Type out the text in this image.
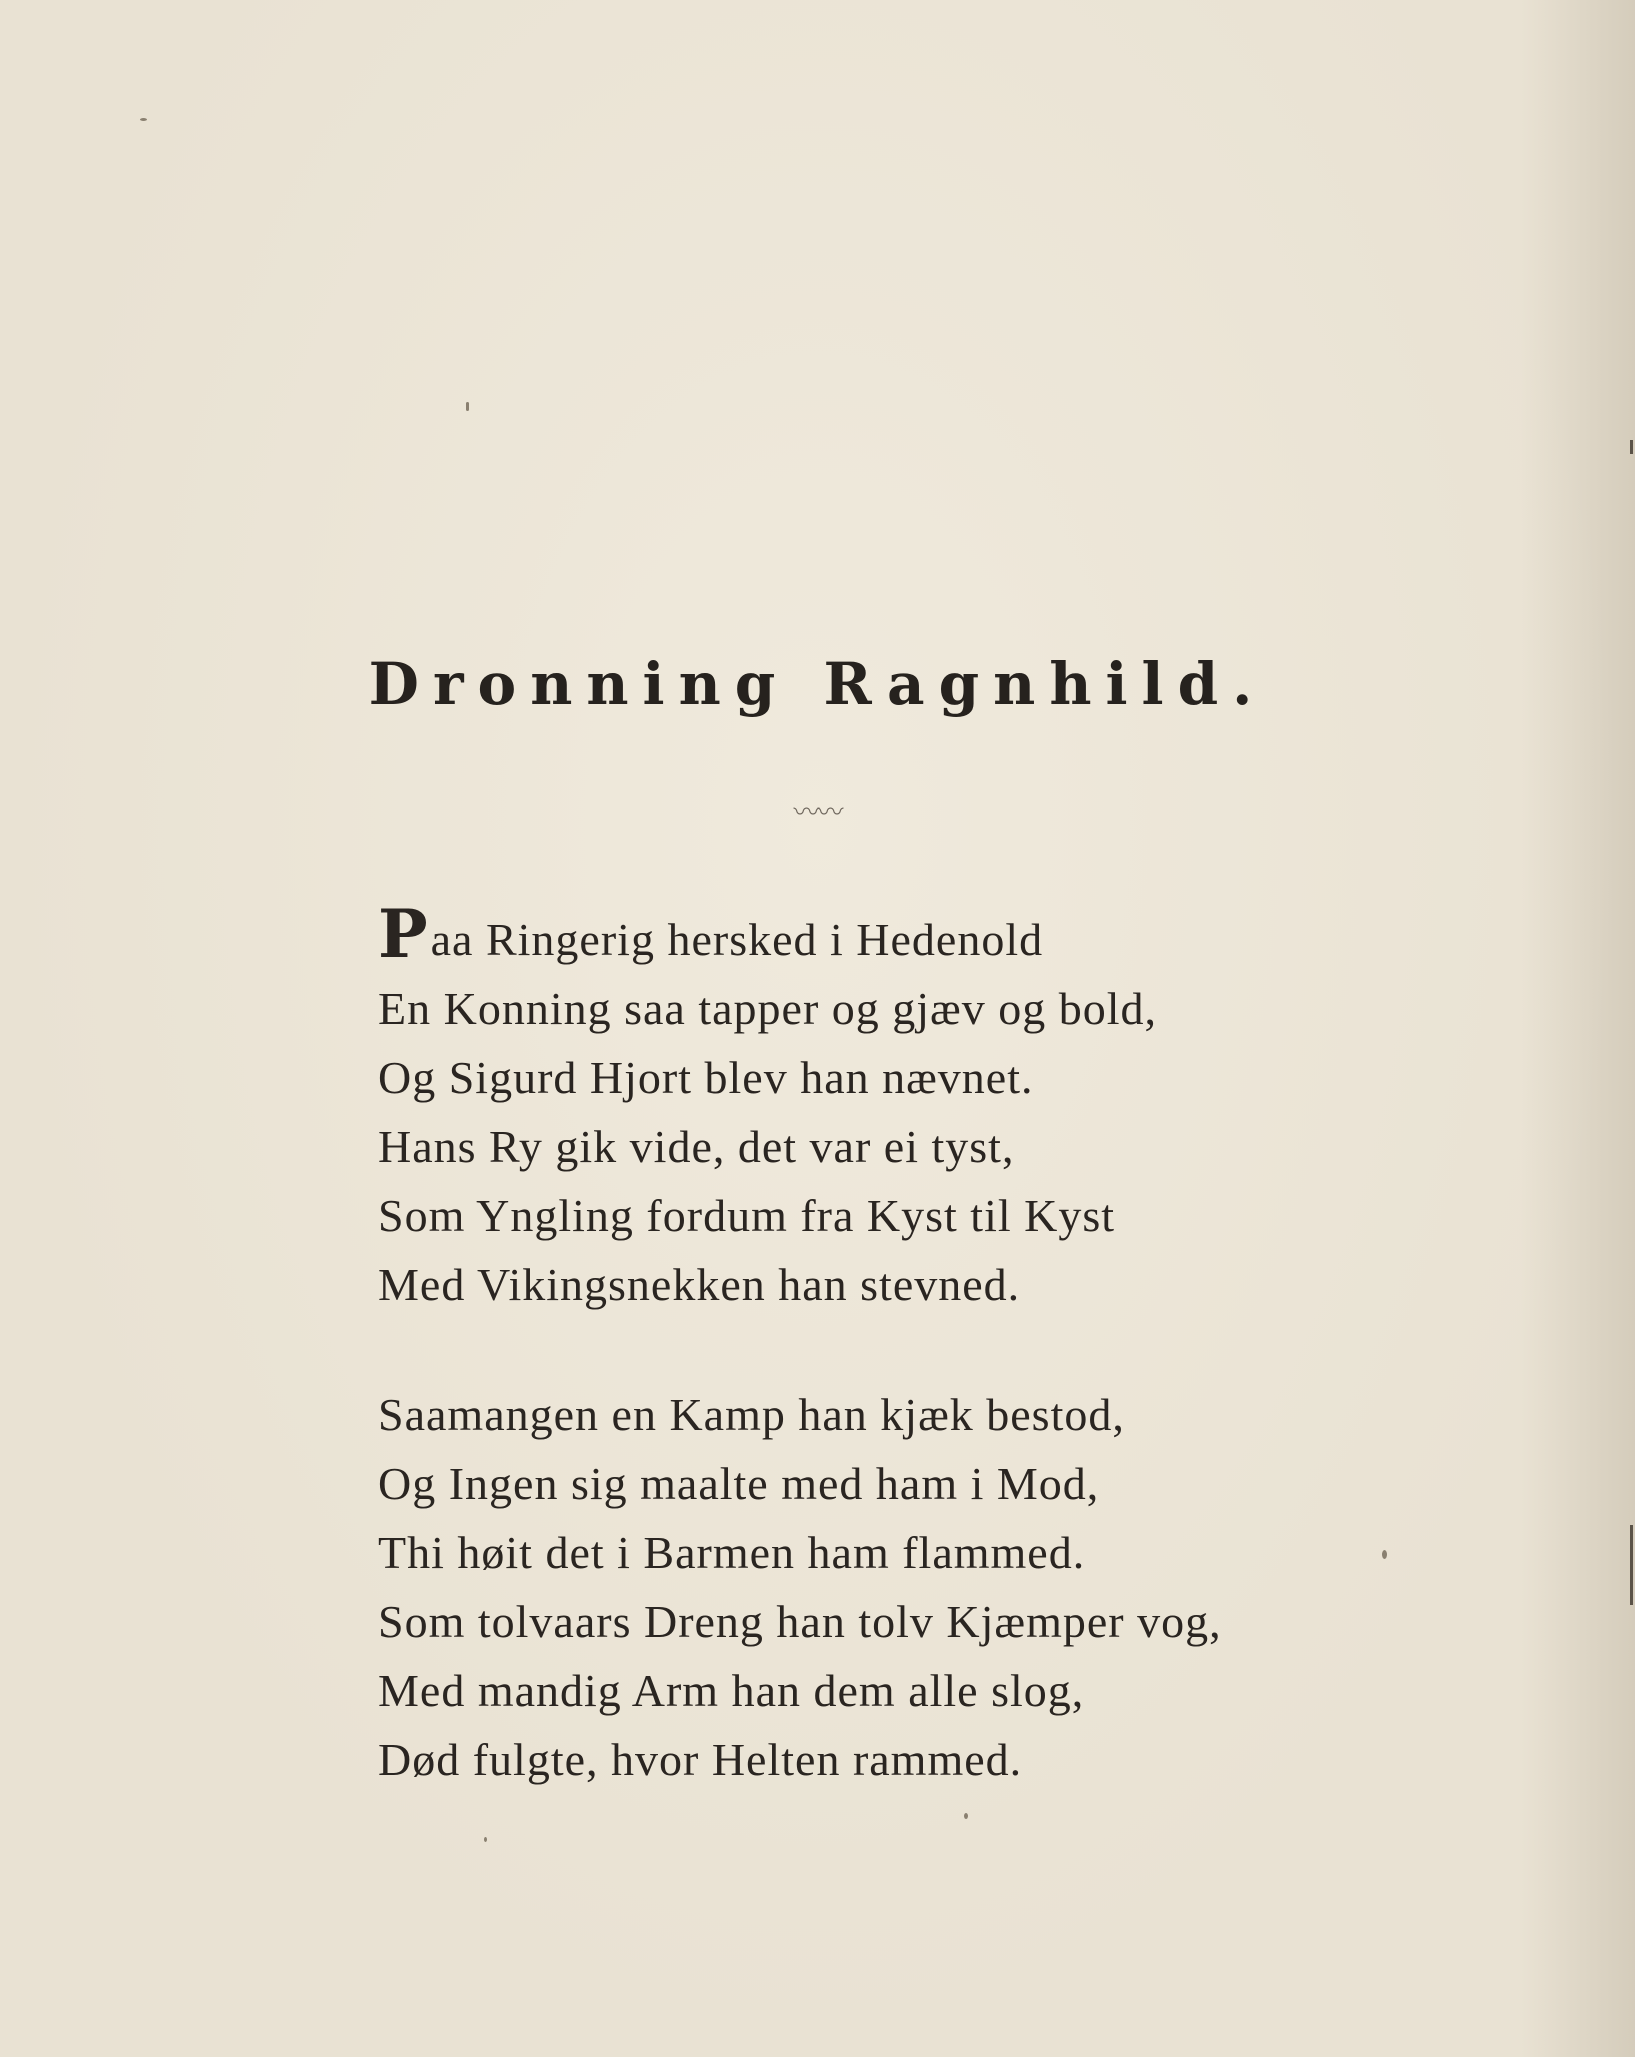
Dronning Ragnhild.
〰〰
Paa Ringerig hersked i Hedenold
En Konning saa tapper og gjæv og bold,
Og Sigurd Hjort blev han nævnet.
Hans Ry gik vide, det var ei tyst,
Som Yngling fordum fra Kyst til Kyst
Med Vikingsnekken han stevned.
Saamangen en Kamp han kjæk bestod,
Og Ingen sig maalte med ham i Mod,
Thi høit det i Barmen ham flammed.
Som tolvaars Dreng han tolv Kjæmper vog,
Med mandig Arm han dem alle slog,
Død fulgte, hvor Helten rammed.
